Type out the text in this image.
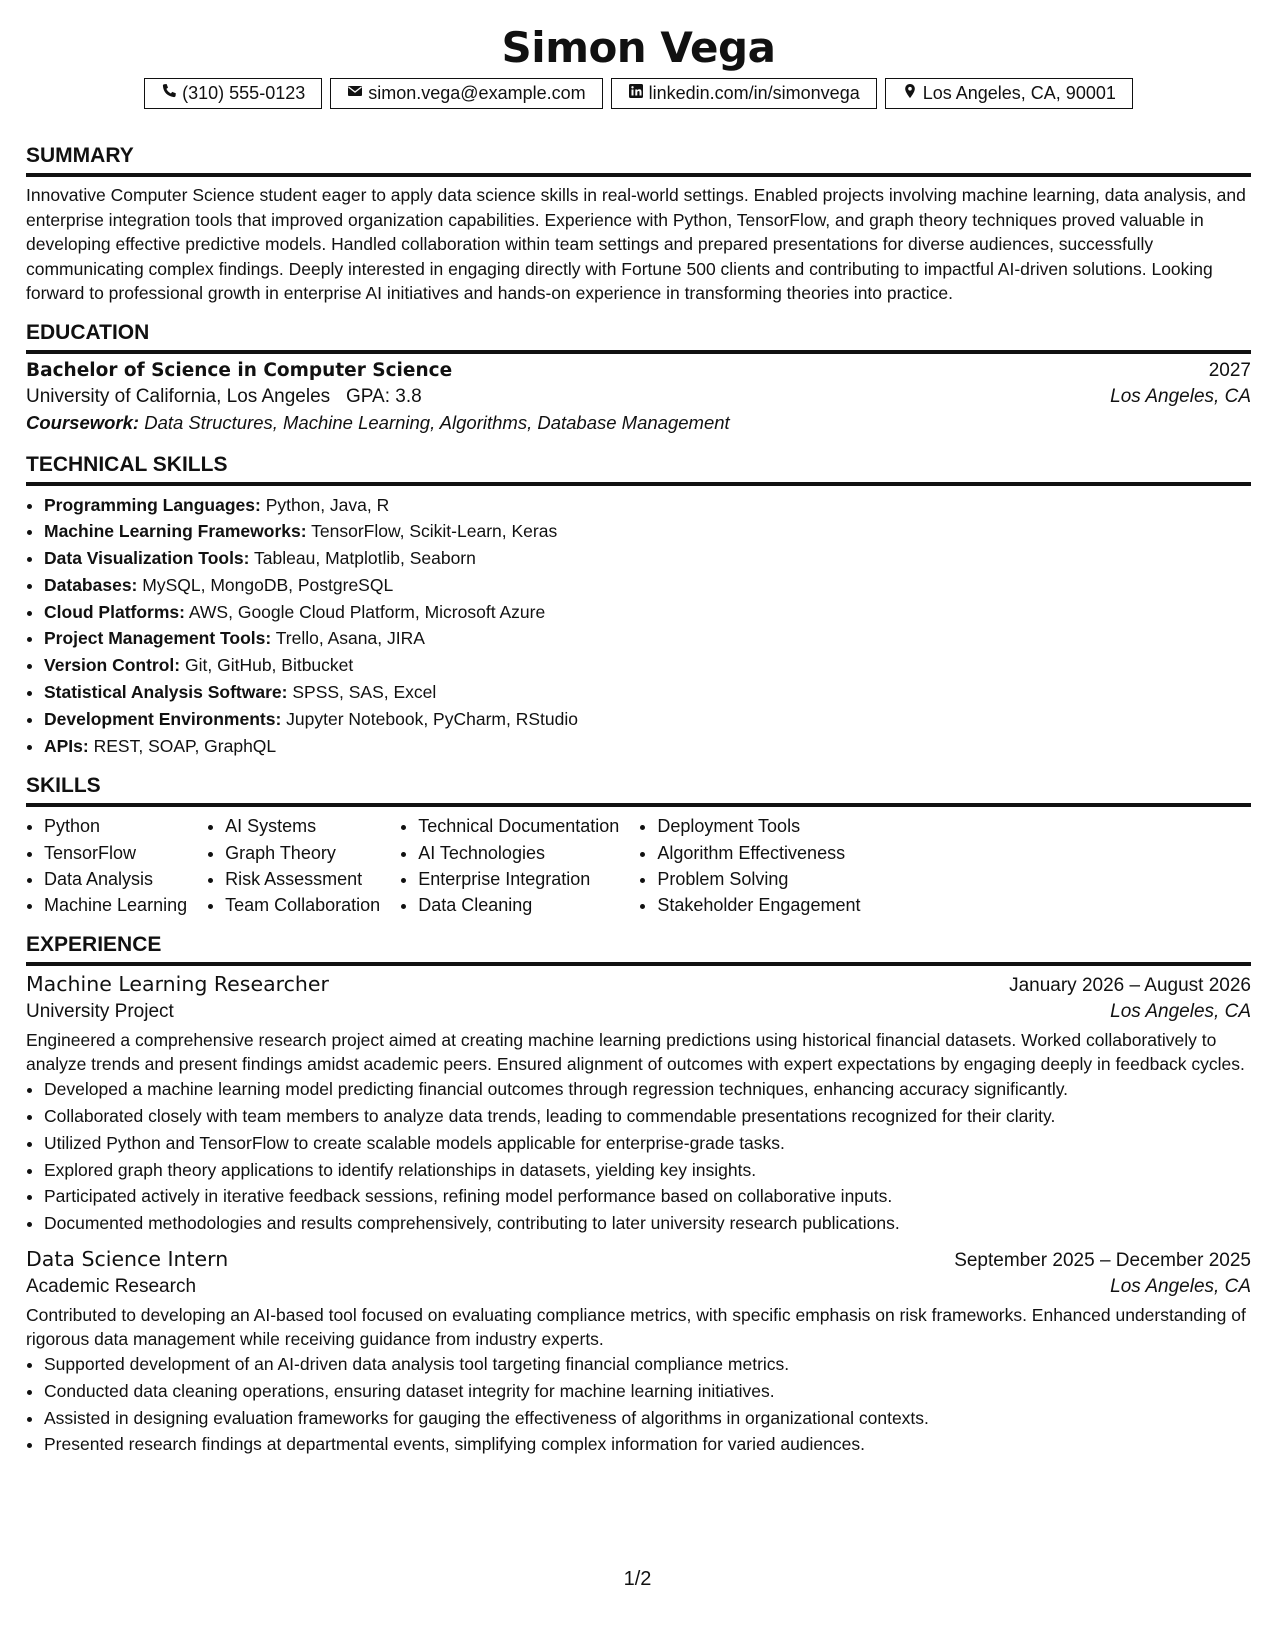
Simon Vega
(310) 555-0123	simon.vega@example.com	linkedin.com/in/simonvega	Los Angeles, CA, 90001
SUMMARY

Innovative Computer Science student eager to apply data science skills in real-world settings. Enabled projects involving machine learning, data analysis, and enterprise integration tools that improved organization capabilities. Experience with Python, TensorFlow, and graph theory techniques proved valuable in developing effective predictive models. Handled collaboration within team settings and prepared presentations for diverse audiences, successfully communicating complex findings. Deeply interested in engaging directly with Fortune 500 clients and contributing to impactful AI-driven solutions. Looking forward to professional growth in enterprise AI initiatives and hands-on experience in transforming theories into practice.

EDUCATION
Bachelor of Science in Computer Science	2027
University of California, Los Angeles GPA: 3.8	Los Angeles, CA
Coursework: Data Structures, Machine Learning, Algorithms, Database Management
TECHNICAL SKILLS
• Programming Languages: Python, Java, R
• Machine Learning Frameworks: TensorFlow, Scikit-Learn, Keras
• Data Visualization Tools: Tableau, Matplotlib, Seaborn
• Databases: MySQL, MongoDB, PostgreSQL
• Cloud Platforms: AWS, Google Cloud Platform, Microsoft Azure
• Project Management Tools: Trello, Asana, JIRA
• Version Control: Git, GitHub, Bitbucket
• Statistical Analysis Software: SPSS, SAS, Excel
• Development Environments: Jupyter Notebook, PyCharm, RStudio
• APIs: REST, SOAP, GraphQL
SKILLS
• Python
• TensorFlow
• Data Analysis
• Machine Learning
• AI Systems
• Graph Theory
• Risk Assessment
• Team Collaboration
• Technical Documentation
• AI Technologies
• Enterprise Integration
• Data Cleaning
• Deployment Tools
• Algorithm Effectiveness
• Problem Solving
• Stakeholder Engagement
EXPERIENCE
Machine Learning Researcher	January 2026 – August 2026
University Project	Los Angeles, CA

Engineered a comprehensive research project aimed at creating machine learning predictions using historical financial datasets. Worked collaboratively to analyze trends and present findings amidst academic peers. Ensured alignment of outcomes with expert expectations by engaging deeply in feedback cycles.

• Developed a machine learning model predicting financial outcomes through regression techniques, enhancing accuracy significantly.
• Collaborated closely with team members to analyze data trends, leading to commendable presentations recognized for their clarity.
• Utilized Python and TensorFlow to create scalable models applicable for enterprise-grade tasks.
• Explored graph theory applications to identify relationships in datasets, yielding key insights.
• Participated actively in iterative feedback sessions, refining model performance based on collaborative inputs.
• Documented methodologies and results comprehensively, contributing to later university research publications.
Data Science Intern	September 2025 – December 2025
Academic Research	Los Angeles, CA

Contributed to developing an AI-based tool focused on evaluating compliance metrics, with specific emphasis on risk frameworks. Enhanced understanding of rigorous data management while receiving guidance from industry experts.

• Supported development of an AI-driven data analysis tool targeting financial compliance metrics.
• Conducted data cleaning operations, ensuring dataset integrity for machine learning initiatives.
• Assisted in designing evaluation frameworks for gauging the effectiveness of algorithms in organizational contexts.
• Presented research findings at departmental events, simplifying complex information for varied audiences.
1/2
